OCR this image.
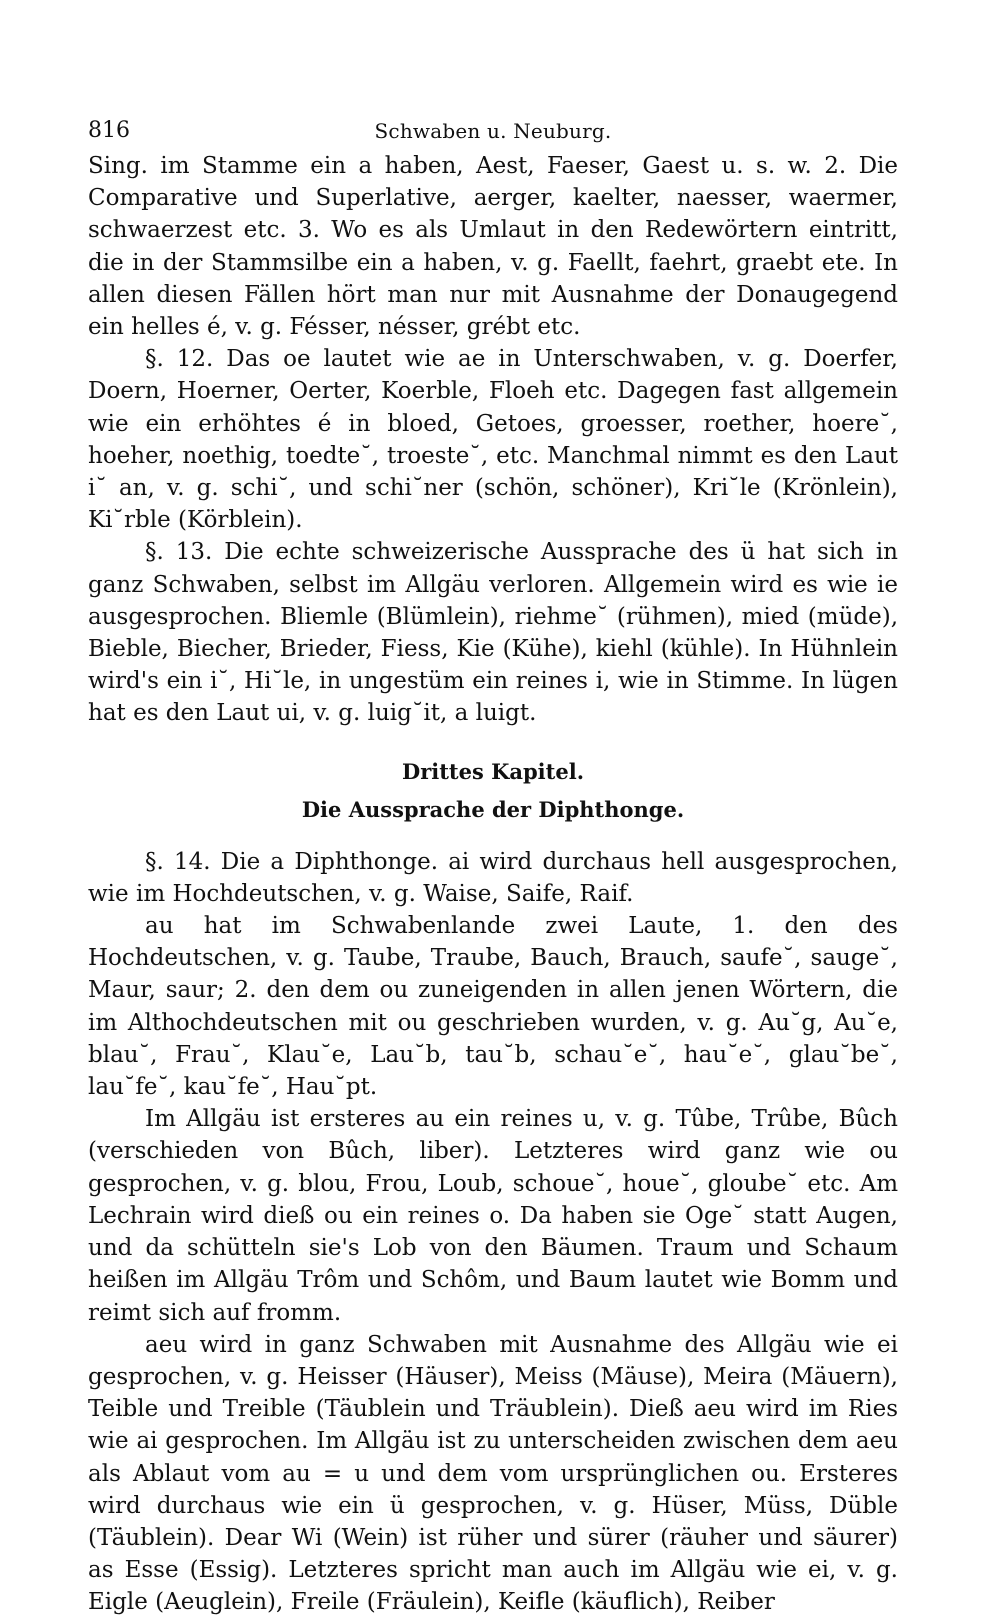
816	Schwaben u. Neuburg.

Sing. im Stamme ein a haben, Aest, Faeser, Gaest u. s. w. 2. Die Comparative und Superlative, aerger, kaelter, naesser, waermer, schwaerzest etc. 3. Wo es als Umlaut in den Redewörtern eintritt, die in der Stammsilbe ein a haben, v. g. Faellt, faehrt, graebt ete. In allen diesen Fällen hört man nur mit Ausnahme der Donaugegend ein helles é, v. g. Fésser, nésser, grébt etc.

§. 12. Das oe lautet wie ae in Unterschwaben, v. g. Doerfer, Doern, Hoerner, Oerter, Koerble, Floeh etc. Dagegen fast allgemein wie ein erhöhtes é in bloed, Getoes, groesser, roether, hoere˘, hoeher, noethig, toedte˘, troeste˘, etc. Manchmal nimmt es den Laut i˘ an, v. g. schi˘, und schi˘ner (schön, schöner), Kri˘le (Krönlein), Ki˘rble (Körblein).

§. 13. Die echte schweizerische Aussprache des ü hat sich in ganz Schwaben, selbst im Allgäu verloren. Allgemein wird es wie ie ausgesprochen. Bliemle (Blümlein), riehme˘ (rühmen), mied (müde), Bieble, Biecher, Brieder, Fiess, Kie (Kühe), kiehl (kühle). In Hühnlein wird's ein i˘, Hi˘le, in ungestüm ein reines i, wie in Stimme. In lügen hat es den Laut ui, v. g. luig˘it, a luigt.

Drittes Kapitel.
Die Aussprache der Diphthonge.

§. 14. Die a Diphthonge. ai wird durchaus hell ausgesprochen, wie im Hochdeutschen, v. g. Waise, Saife, Raif.

au hat im Schwabenlande zwei Laute, 1. den des Hochdeutschen, v. g. Taube, Traube, Bauch, Brauch, saufe˘, sauge˘, Maur, saur; 2. den dem ou zuneigenden in allen jenen Wörtern, die im Althochdeutschen mit ou geschrieben wurden, v. g. Au˘g, Au˘e, blau˘, Frau˘, Klau˘e, Lau˘b, tau˘b, schau˘e˘, hau˘e˘, glau˘be˘, lau˘fe˘, kau˘fe˘, Hau˘pt.

Im Allgäu ist ersteres au ein reines u, v. g. Tûbe, Trûbe, Bûch (verschieden von Bûch, liber). Letzteres wird ganz wie ou gesprochen, v. g. blou, Frou, Loub, schoue˘, houe˘, gloube˘ etc. Am Lechrain wird dieß ou ein reines o. Da haben sie Oge˘ statt Augen, und da schütteln sie's Lob von den Bäumen. Traum und Schaum heißen im Allgäu Trôm und Schôm, und Baum lautet wie Bomm und reimt sich auf fromm.

aeu wird in ganz Schwaben mit Ausnahme des Allgäu wie ei gesprochen, v. g. Heisser (Häuser), Meiss (Mäuse), Meira (Mäuern), Teible und Treible (Täublein und Träublein). Dieß aeu wird im Ries wie ai gesprochen. Im Allgäu ist zu unterscheiden zwischen dem aeu als Ablaut vom au = u und dem vom ursprünglichen ou. Ersteres wird durchaus wie ein ü gesprochen, v. g. Hüser, Müss, Düble (Täublein). Dear Wi (Wein) ist rüher und sürer (räuher und säurer) as Esse (Essig). Letzteres spricht man auch im Allgäu wie ei, v. g. Eigle (Aeuglein), Freile (Fräulein), Keifle (käuflich), Reiber
